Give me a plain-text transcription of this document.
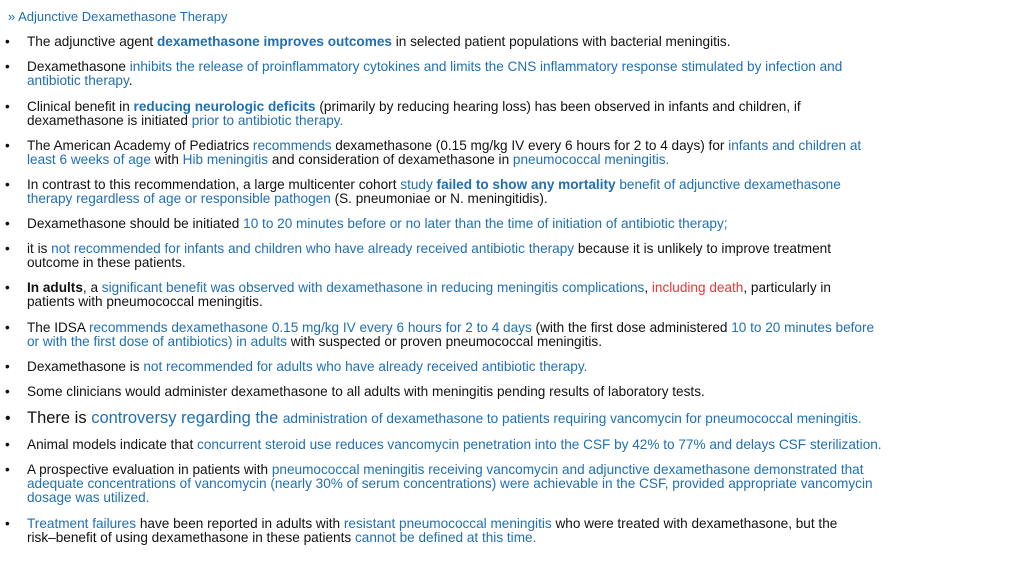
» Adjunctive Dexamethasone Therapy
• The adjunctive agent dexamethasone improves outcomes in selected patient populations with bacterial meningitis.
• Dexamethasone inhibits the release of proinflammatory cytokines and limits the CNS inflammatory response stimulated by infection and
antibiotic therapy.
• Clinical benefit in reducing neurologic deficits (primarily by reducing hearing loss) has been observed in infants and children, if
dexamethasone is initiated prior to antibiotic therapy.
• The American Academy of Pediatrics recommends dexamethasone (0.15 mg/kg IV every 6 hours for 2 to 4 days) for infants and children at
least 6 weeks of age with Hib meningitis and consideration of dexamethasone in pneumococcal meningitis.
• In contrast to this recommendation, a large multicenter cohort study failed to show any mortality benefit of adjunctive dexamethasone
therapy regardless of age or responsible pathogen (S. pneumoniae or N. meningitidis).
• Dexamethasone should be initiated 10 to 20 minutes before or no later than the time of initiation of antibiotic therapy;
• it is not recommended for infants and children who have already received antibiotic therapy because it is unlikely to improve treatment
outcome in these patients.
• In adults, a significant benefit was observed with dexamethasone in reducing meningitis complications, including death, particularly in
patients with pneumococcal meningitis.
• The IDSA recommends dexamethasone 0.15 mg/kg IV every 6 hours for 2 to 4 days (with the first dose administered 10 to 20 minutes before
or with the first dose of antibiotics) in adults with suspected or proven pneumococcal meningitis.
• Dexamethasone is not recommended for adults who have already received antibiotic therapy.
• Some clinicians would administer dexamethasone to all adults with meningitis pending results of laboratory tests.
• There is controversy regarding the administration of dexamethasone to patients requiring vancomycin for pneumococcal meningitis.
• Animal models indicate that concurrent steroid use reduces vancomycin penetration into the CSF by 42% to 77% and delays CSF sterilization.
• A prospective evaluation in patients with pneumococcal meningitis receiving vancomycin and adjunctive dexamethasone demonstrated that
adequate concentrations of vancomycin (nearly 30% of serum concentrations) were achievable in the CSF, provided appropriate vancomycin
dosage was utilized.
• Treatment failures have been reported in adults with resistant pneumococcal meningitis who were treated with dexamethasone, but the
risk–benefit of using dexamethasone in these patients cannot be defined at this time.
